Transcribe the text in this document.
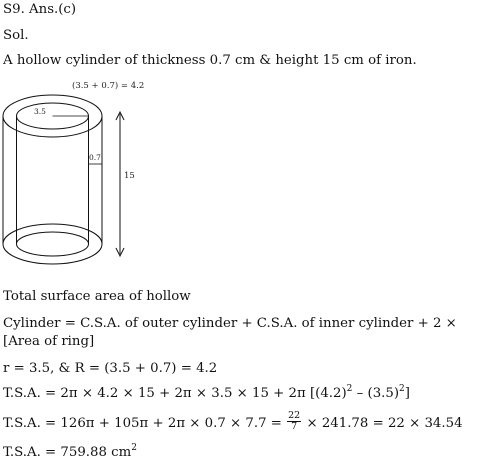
S9. Ans.(c)
Sol.
A hollow cylinder of thickness 0.7 cm & height 15 cm of iron.
(3.5 + 0.7) = 4.2
3.5
0.7
15
Total surface area of hollow
Cylinder = C.S.A. of outer cylinder + C.S.A. of inner cylinder + 2 ×
[Area of ring]
r = 3.5, & R = (3.5 + 0.7) = 4.2
T.S.A. = 2π × 4.2 × 15 + 2π × 3.5 × 15 + 2π $[(4.2)^2 - (3.5)^2]$
T.S.A. = $126\pi + 105\pi + 2\pi \times 0.7 \times 7.7 = \frac{22}{7} \times 241.78 = 22 \times 34.54$
T.S.A. = 759.88 $cm^2$
